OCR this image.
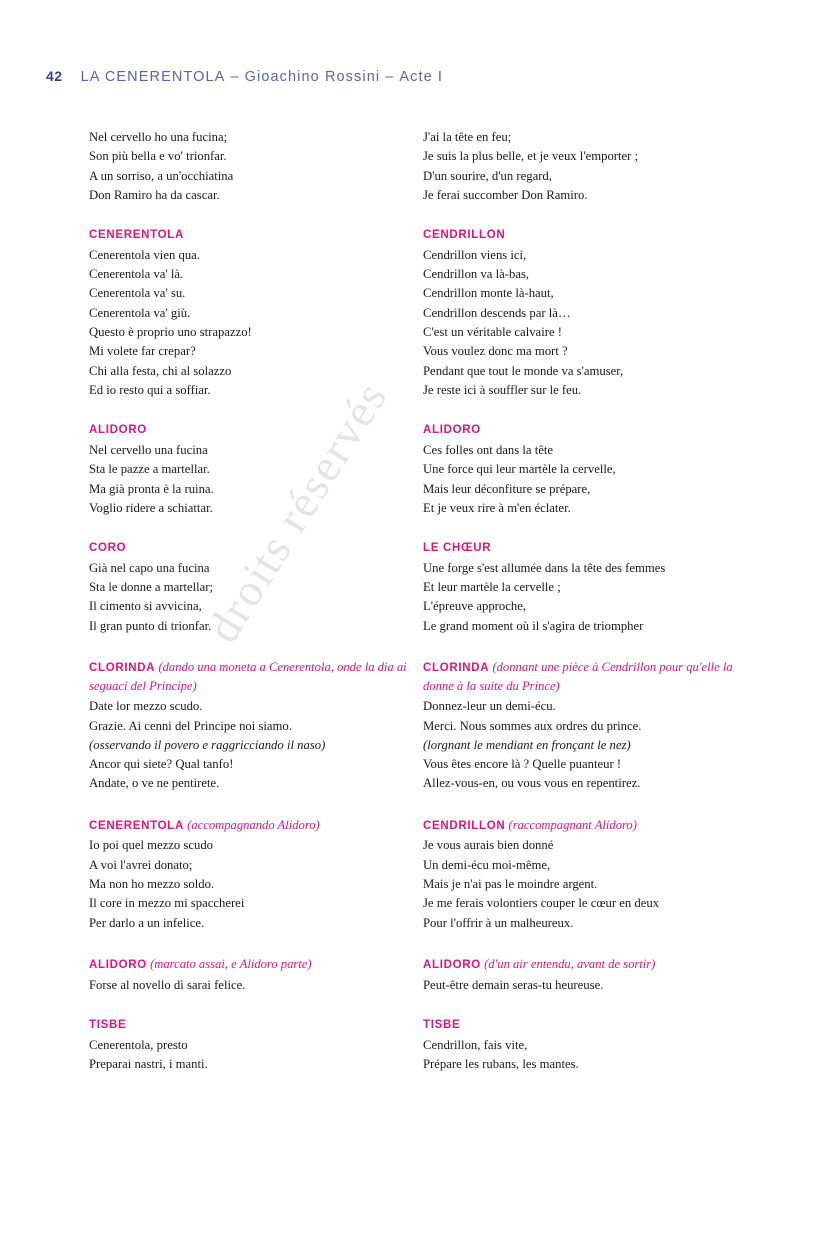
42 LA CENERENTOLA – Gioachino Rossini – Acte I
droits réservés
Nel cervello ho una fucina;
Son più bella e vo' trionfar.
A un sorriso, a un'occhiatina
Don Ramiro ha da cascar.
CENERENTOLA
Cenerentola vien qua.
Cenerentola va' là.
Cenerentola va' su.
Cenerentola va' giù.
Questo è proprio uno strapazzo!
Mi volete far crepar?
Chi alla festa, chi al solazzo
Ed io resto qui a soffiar.
ALIDORO
Nel cervello una fucina
Sta le pazze a martellar.
Ma già pronta è la ruina.
Voglio ridere a schiattar.
CORO
Già nel capo una fucina
Sta le donne a martellar;
Il cimento si avvicina,
Il gran punto di trionfar.
CLORINDA (dando una moneta a Cenerentola, onde la dia ai seguaci del Principe)
Date lor mezzo scudo.
Grazie. Ai cenni del Principe noi siamo.
(osservando il povero e raggricciando il naso)
Ancor qui siete? Qual tanfo!
Andate, o ve ne pentirete.
CENERENTOLA (accompagnando Alidoro)
Io poi quel mezzo scudo
A voi l'avrei donato;
Ma non ho mezzo soldo.
Il core in mezzo mi spaccherei
Per darlo a un infelice.
ALIDORO (marcato assai, e Alidoro parte)
Forse al novello dì sarai felice.
TISBE
Cenerentola, presto
Preparai nastri, i manti.
J'ai la tête en feu;
Je suis la plus belle, et je veux l'emporter ;
D'un sourire, d'un regard,
Je ferai succomber Don Ramiro.
CENDRILLON
Cendrillon viens ici,
Cendrillon va là-bas,
Cendrillon monte là-haut,
Cendrillon descends par là…
C'est un véritable calvaire !
Vous voulez donc ma mort ?
Pendant que tout le monde va s'amuser,
Je reste ici à souffler sur le feu.
ALIDORO
Ces folles ont dans la tête
Une force qui leur martèle la cervelle,
Mais leur déconfiture se prépare,
Et je veux rire à m'en éclater.
LE CHŒUR
Une forge s'est allumée dans la tête des femmes
Et leur martèle la cervelle ;
L'épreuve approche,
Le grand moment où il s'agira de triompher
CLORINDA (donnant une pièce à Cendrillon pour qu'elle la donne à la suite du Prince)
Donnez-leur un demi-écu.
Merci. Nous sommes aux ordres du prince.
(lorgnant le mendiant en fronçant le nez)
Vous êtes encore là ? Quelle puanteur !
Allez-vous-en, ou vous vous en repentirez.
CENDRILLON (raccompagnant Alidoro)
Je vous aurais bien donné
Un demi-écu moi-même,
Mais je n'ai pas le moindre argent.
Je me ferais volontiers couper le cœur en deux
Pour l'offrir à un malheureux.
ALIDORO (d'un air entendu, avant de sortir)
Peut-être demain seras-tu heureuse.
TISBE
Cendrillon, fais vite,
Prépare les rubans, les mantes.
